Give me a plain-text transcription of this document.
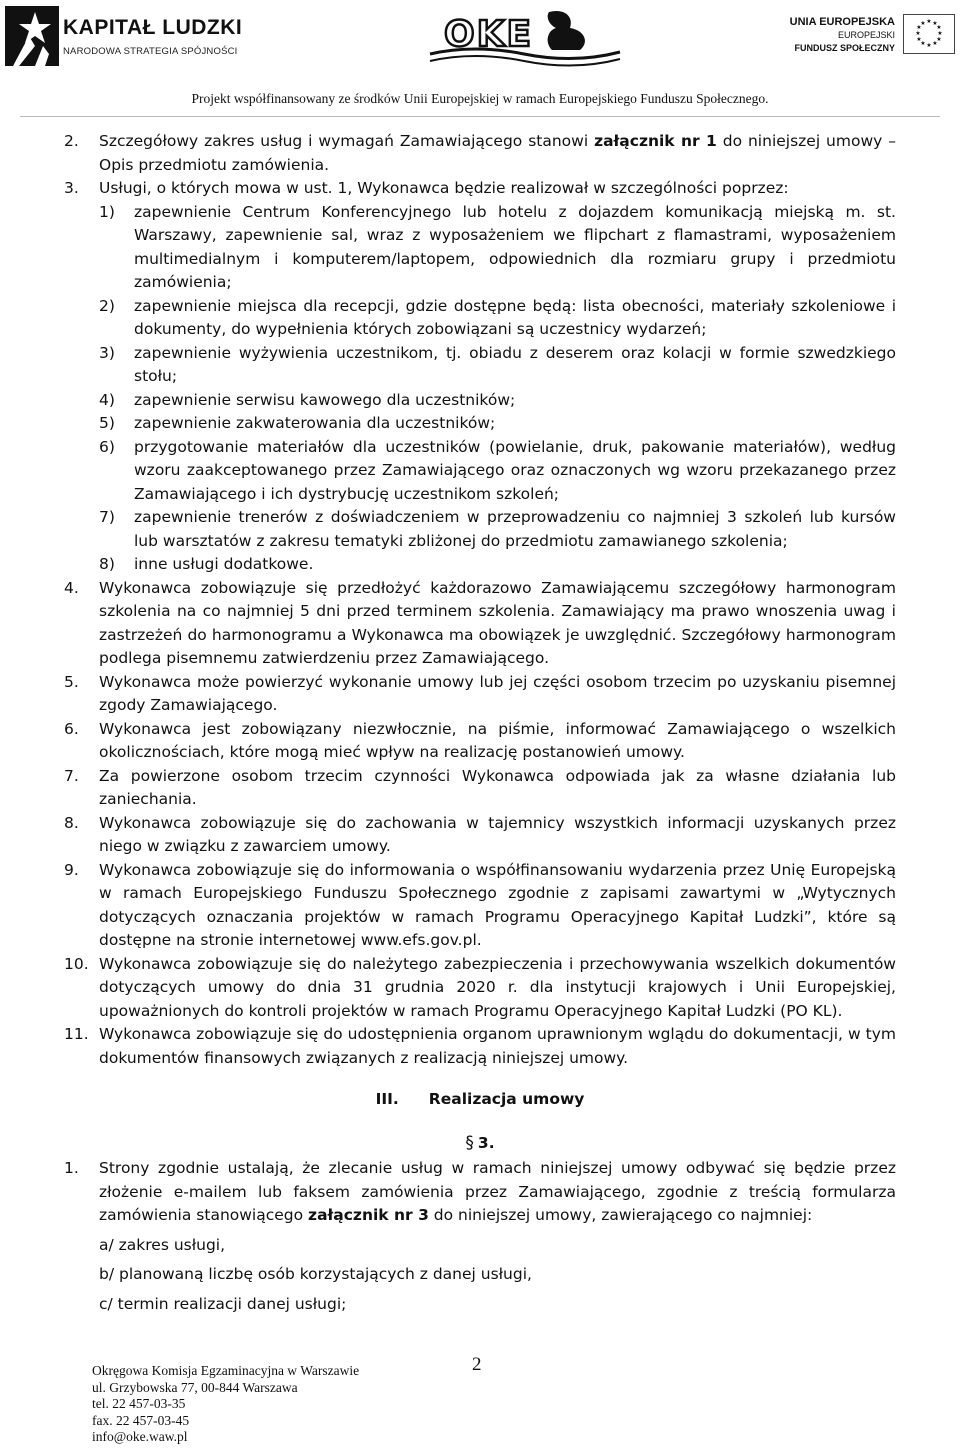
KAPITAŁ LUDZKI
NARODOWA STRATEGIA SPÓJNOŚCI	OKE	UNIA EUROPEJSKA
EUROPEJSKI
FUNDUSZ SPOŁECZNY
★ ★
★
★
★
★
★
★
★
★
★
★
Projekt współfinansowany ze środków Unii Europejskiej w ramach Europejskiego Funduszu Społecznego.
2. Szczegółowy zakres usług i wymagań Zamawiającego stanowi załącznik nr 1 do niniejszej umowy – Opis przedmiotu zamówienia.
3. Usługi, o których mowa w ust. 1, Wykonawca będzie realizował w szczególności poprzez:
1) zapewnienie Centrum Konferencyjnego lub hotelu z dojazdem komunikacją miejską m. st. Warszawy, zapewnienie sal, wraz z wyposażeniem we flipchart z flamastrami, wyposażeniem multimedialnym i komputerem/laptopem, odpowiednich dla rozmiaru grupy i przedmiotu zamówienia;
2) zapewnienie miejsca dla recepcji, gdzie dostępne będą: lista obecności, materiały szkoleniowe i dokumenty, do wypełnienia których zobowiązani są uczestnicy wydarzeń;
3) zapewnienie wyżywienia uczestnikom, tj. obiadu z deserem oraz kolacji w formie szwedzkiego stołu;
4) zapewnienie serwisu kawowego dla uczestników;
5) zapewnienie zakwaterowania dla uczestników;
6) przygotowanie materiałów dla uczestników (powielanie, druk, pakowanie materiałów), według wzoru zaakceptowanego przez Zamawiającego oraz oznaczonych wg wzoru przekazanego przez Zamawiającego i ich dystrybucję uczestnikom szkoleń;
7) zapewnienie trenerów z doświadczeniem w przeprowadzeniu co najmniej 3 szkoleń lub kursów lub warsztatów z zakresu tematyki zbliżonej do przedmiotu zamawianego szkolenia;
8) inne usługi dodatkowe.
4. Wykonawca zobowiązuje się przedłożyć każdorazowo Zamawiającemu szczegółowy harmonogram szkolenia na co najmniej 5 dni przed terminem szkolenia. Zamawiający ma prawo wnoszenia uwag i zastrzeżeń do harmonogramu a Wykonawca ma obowiązek je uwzględnić. Szczegółowy harmonogram podlega pisemnemu zatwierdzeniu przez Zamawiającego.
5. Wykonawca może powierzyć wykonanie umowy lub jej części osobom trzecim po uzyskaniu pisemnej zgody Zamawiającego.
6. Wykonawca jest zobowiązany niezwłocznie, na piśmie, informować Zamawiającego o wszelkich okolicznościach, które mogą mieć wpływ na realizację postanowień umowy.
7. Za powierzone osobom trzecim czynności Wykonawca odpowiada jak za własne działania lub zaniechania.
8. Wykonawca zobowiązuje się do zachowania w tajemnicy wszystkich informacji uzyskanych przez niego w związku z zawarciem umowy.
9. Wykonawca zobowiązuje się do informowania o współfinansowaniu wydarzenia przez Unię Europejską w ramach Europejskiego Funduszu Społecznego zgodnie z zapisami zawartymi w „Wytycznych dotyczących oznaczania projektów w ramach Programu Operacyjnego Kapitał Ludzki”, które są dostępne na stronie internetowej www.efs.gov.pl.
10. Wykonawca zobowiązuje się do należytego zabezpieczenia i przechowywania wszelkich dokumentów dotyczących umowy do dnia 31 grudnia 2020 r. dla instytucji krajowych i Unii Europejskiej, upoważnionych do kontroli projektów w ramach Programu Operacyjnego Kapitał Ludzki (PO KL).
11. Wykonawca zobowiązuje się do udostępnienia organom uprawnionym wglądu do dokumentacji, w tym dokumentów finansowych związanych z realizacją niniejszej umowy.
III. Realizacja umowy
§ 3.
1. Strony zgodnie ustalają, że zlecanie usług w ramach niniejszej umowy odbywać się będzie przez złożenie e-mailem lub faksem zamówienia przez Zamawiającego, zgodnie z treścią formularza zamówienia stanowiącego załącznik nr 3 do niniejszej umowy, zawierającego co najmniej:
a/ zakres usługi,
b/ planowaną liczbę osób korzystających z danej usługi,
c/ termin realizacji danej usługi;
2
Okręgowa Komisja Egzaminacyjna w Warszawie
ul. Grzybowska 77, 00-844 Warszawa
tel. 22 457-03-35
fax. 22 457-03-45
info@oke.waw.pl
